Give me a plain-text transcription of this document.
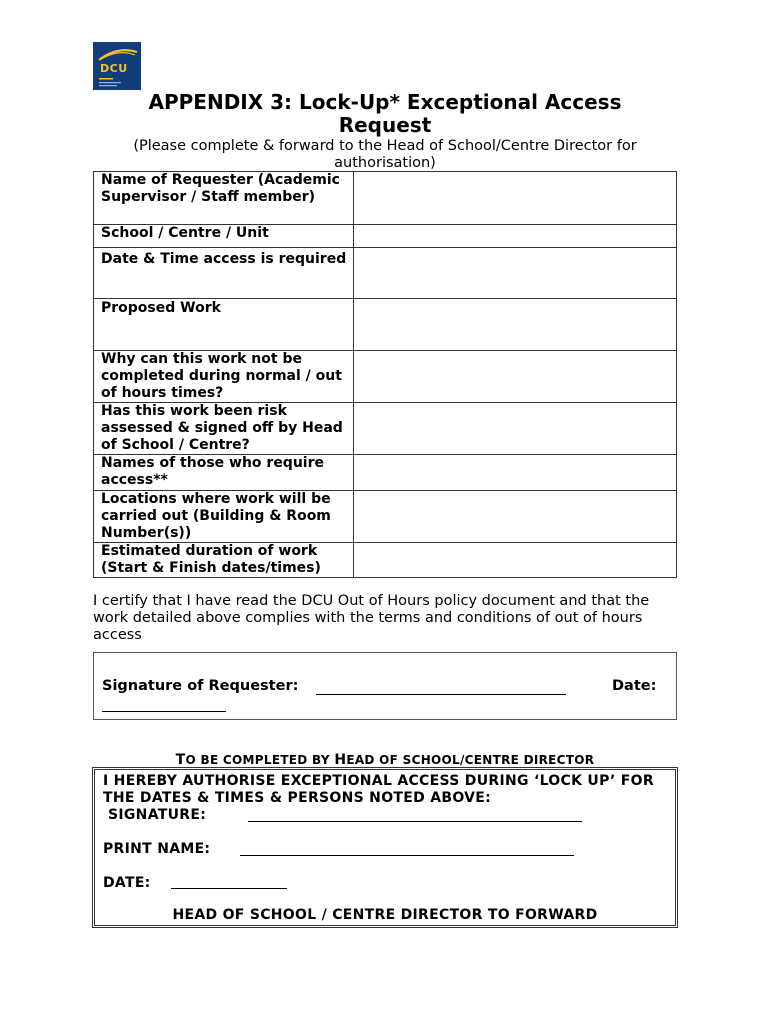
DCU
APPENDIX 3: Lock-Up* Exceptional Access Request
(Please complete & forward to the Head of School/Centre Director for authorisation)
Name of Requester (Academic Supervisor / Staff member)	
School / Centre / Unit	
Date & Time access is required	
Proposed Work	
Why can this work not be completed during normal / out of hours times?	
Has this work been risk assessed & signed off by Head of School / Centre?	
Names of those who require access**	
Locations where work will be carried out (Building & Room Number(s))	
Estimated duration of work (Start & Finish dates/times)	
I certify that I have read the DCU Out of Hours policy document and that the work detailed above complies with the terms and conditions of out of hours access
Signature of Requester:	Date:
TO BE COMPLETED BY HEAD OF SCHOOL/CENTRE DIRECTOR
I HEREBY AUTHORISE EXCEPTIONAL ACCESS DURING ‘LOCK UP’ FOR THE DATES & TIMES & PERSONS NOTED ABOVE:
SIGNATURE:
PRINT NAME:
DATE:
HEAD OF SCHOOL / CENTRE DIRECTOR TO FORWARD
